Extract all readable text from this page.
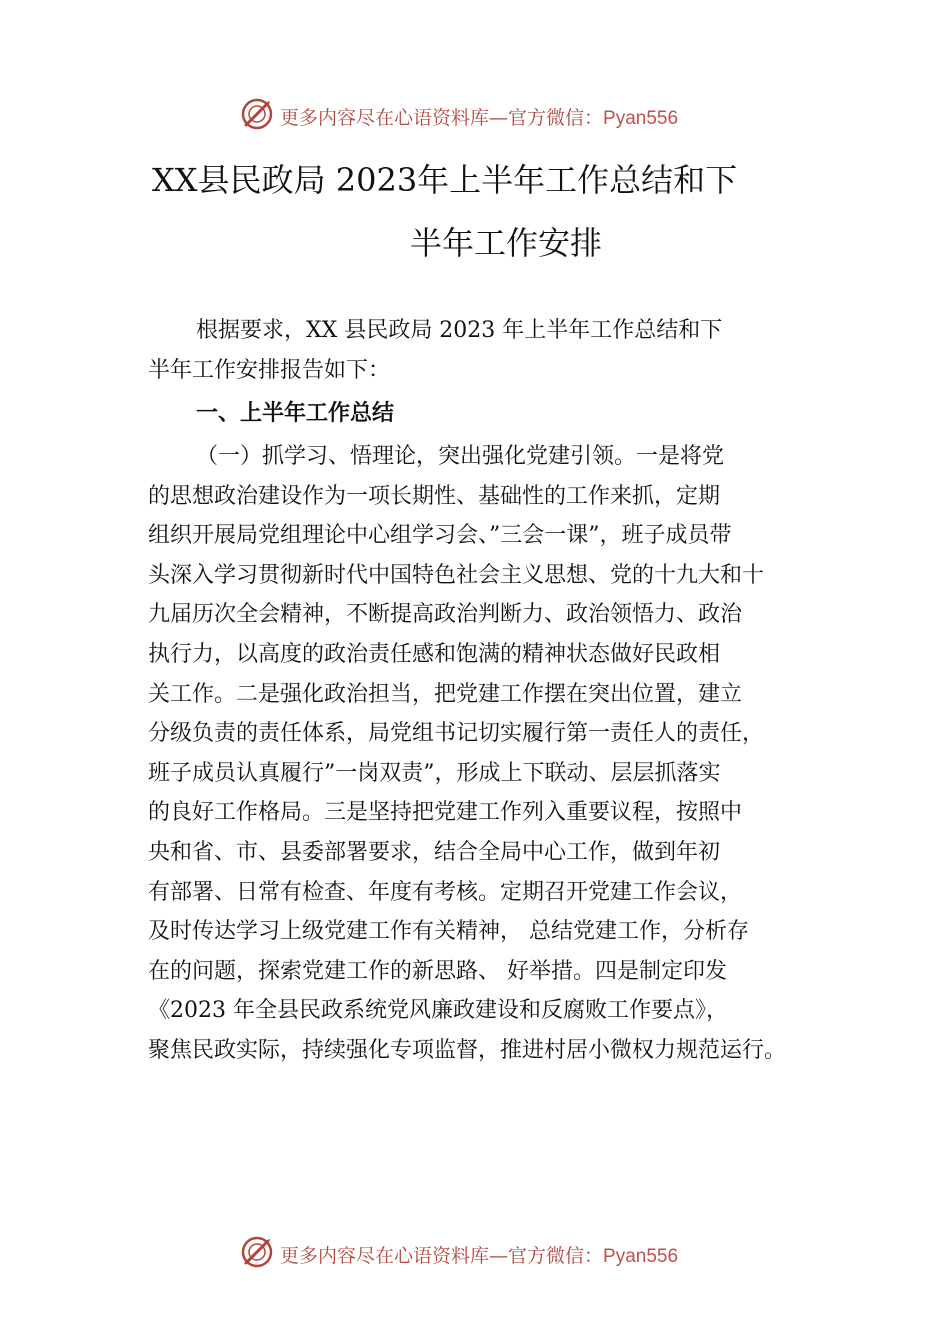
更多内容尽在心语资料库—官方微信：Pyan556
XX县民政局 2023年上半年工作总结和下
半年工作安排
根据要求，XX 县民政局 2023 年上半年工作总结和下
半年工作安排报告如下：
一、上半年工作总结
（一）抓学习、悟理论，突出强化党建引领。一是将党
的思想政治建设作为一项长期性、基础性的工作来抓，定期
组织开展局党组理论中心组学习会、”三会一课”，班子成员带
头深入学习贯彻新时代中国特色社会主义思想、党的十九大和十
九届历次全会精神，不断提高政治判断力、政治领悟力、政治
执行力，以高度的政治责任感和饱满的精神状态做好民政相
关工作。二是强化政治担当，把党建工作摆在突出位置，建立
分级负责的责任体系，局党组书记切实履行第一责任人的责任，
班子成员认真履行”一岗双责”，形成上下联动、层层抓落实
的良好工作格局。三是坚持把党建工作列入重要议程，按照中
央和省、市、县委部署要求，结合全局中心工作，做到年初
有部署、日常有检查、年度有考核。定期召开党建工作会议，
及时传达学习上级党建工作有关精神， 总结党建工作，分析存
在的问题，探索党建工作的新思路、 好举措。四是制定印发
《2023 年全县民政系统党风廉政建设和反腐败工作要点》，
聚焦民政实际，持续强化专项监督，推进村居小微权力规范运行。
更多内容尽在心语资料库—官方微信：Pyan556
